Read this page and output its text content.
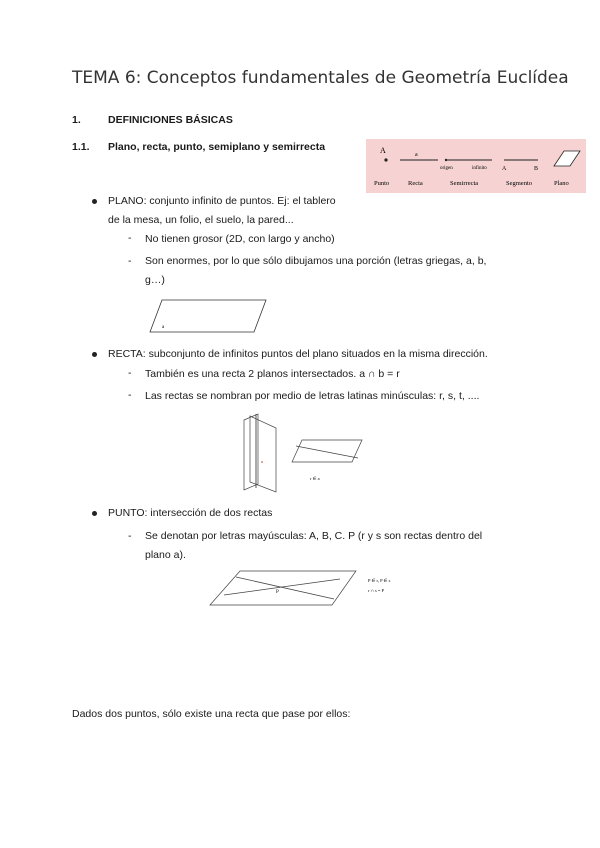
TEMA 6: Conceptos fundamentales de Geometría Euclídea
1.	DEFINICIONES BÁSICAS
1.1. Plano, recta, punto, semiplano y semirrecta	A	a
origen	infinito	A	B
Punto	Recta	Semirrecta	Segmento	Plano
PLANO: conjunto infinito de puntos. Ej: el tablero
de la mesa, un folio, el suelo, la pared...
- No tienen grosor (2D, con largo y ancho)
- Son enormes, por lo que sólo dibujamos una porción (letras griegas, a, b,
g…)
a
RECTA: subconjunto de infinitos puntos del plano situados en la misma dirección.
- También es una recta 2 planos intersectados. a ∩ b = r
- Las rectas se nombran por medio de letras latinas minúsculas: r, s, t, ....
r ∈ a
PUNTO: intersección de dos rectas
- Se denotan por letras mayúsculas: A, B, C. P (r y s son rectas dentro del
plano a).
P
P ∈ r, P ∈ s
r ∩ s = P
Dados dos puntos, sólo existe una recta que pase por ellos:
